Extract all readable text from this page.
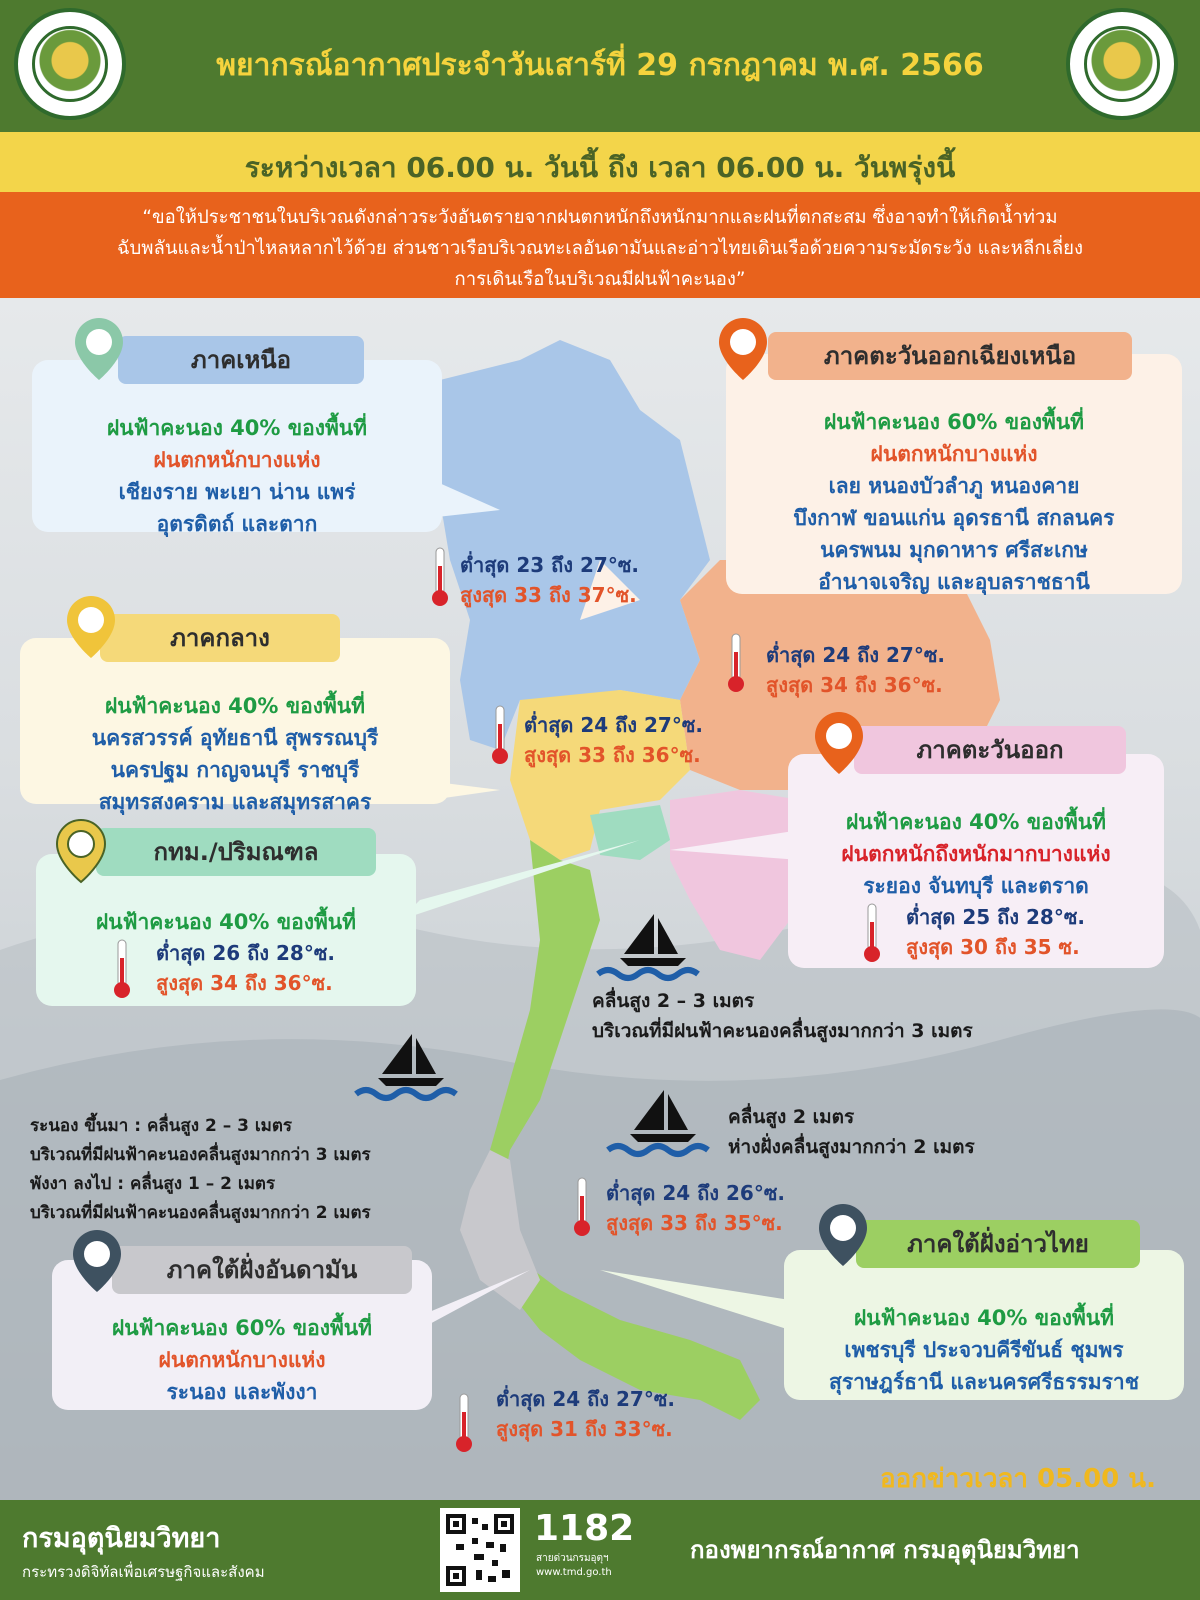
พยากรณ์อากาศประจำวันเสาร์ที่ 29 กรกฎาคม พ.ศ. 2566
ระหว่างเวลา 06.00 น. วันนี้ ถึง เวลา 06.00 น. วันพรุ่งนี้
“ขอให้ประชาชนในบริเวณดังกล่าวระวังอันตรายจากฝนตกหนักถึงหนักมากและฝนที่ตกสะสม ซึ่งอาจทำให้เกิดน้ำท่วม
ฉับพลันและน้ำป่าไหลหลากไว้ด้วย ส่วนชาวเรือบริเวณทะเลอันดามันและอ่าวไทยเดินเรือด้วยความระมัดระวัง และหลีกเลี่ยง
การเดินเรือในบริเวณมีฝนฟ้าคะนอง”
ฝนฟ้าคะนอง 40% ของพื้นที่
ฝนตกหนักบางแห่ง
เชียงราย พะเยา น่าน แพร่
อุตรดิตถ์ และตาก
ภาคเหนือ
ต่ำสุด 23 ถึง 27°ซ.
สูงสุด 33 ถึง 37°ซ.
ฝนฟ้าคะนอง 60% ของพื้นที่
ฝนตกหนักบางแห่ง
เลย หนองบัวลำภู หนองคาย
บึงกาฬ ขอนแก่น อุดรธานี สกลนคร
นครพนม มุกดาหาร ศรีสะเกษ
อำนาจเจริญ และอุบลราชธานี
ภาคตะวันออกเฉียงเหนือ
ต่ำสุด 24 ถึง 27°ซ.
สูงสุด 34 ถึง 36°ซ.
ฝนฟ้าคะนอง 40% ของพื้นที่
นครสวรรค์ อุทัยธานี สุพรรณบุรี
นครปฐม กาญจนบุรี ราชบุรี
สมุทรสงคราม และสมุทรสาคร
ภาคกลาง
ต่ำสุด 24 ถึง 27°ซ.
สูงสุด 33 ถึง 36°ซ.
ฝนฟ้าคะนอง 40% ของพื้นที่
ฝนตกหนักถึงหนักมากบางแห่ง
ระยอง จันทบุรี และตราด
ภาคตะวันออก
ต่ำสุด 25 ถึง 28°ซ.
สูงสุด 30 ถึง 35 ซ.
ฝนฟ้าคะนอง 40% ของพื้นที่
กทม./ปริมณฑล
ต่ำสุด 26 ถึง 28°ซ.
สูงสุด 34 ถึง 36°ซ.
คลื่นสูง 2 – 3 เมตร
บริเวณที่มีฝนฟ้าคะนองคลื่นสูงมากกว่า 3 เมตร
ระนอง ขึ้นมา : คลื่นสูง 2 – 3 เมตร
บริเวณที่มีฝนฟ้าคะนองคลื่นสูงมากกว่า 3 เมตร
พังงา ลงไป : คลื่นสูง 1 – 2 เมตร
บริเวณที่มีฝนฟ้าคะนองคลื่นสูงมากกว่า 2 เมตร
คลื่นสูง 2 เมตร
ห่างฝั่งคลื่นสูงมากกว่า 2 เมตร
ต่ำสุด 24 ถึง 26°ซ.
สูงสุด 33 ถึง 35°ซ.
ฝนฟ้าคะนอง 40% ของพื้นที่
เพชรบุรี ประจวบคีรีขันธ์ ชุมพร
สุราษฎร์ธานี และนครศรีธรรมราช
ภาคใต้ฝั่งอ่าวไทย
ฝนฟ้าคะนอง 60% ของพื้นที่
ฝนตกหนักบางแห่ง
ระนอง และพังงา
ภาคใต้ฝั่งอันดามัน
ต่ำสุด 24 ถึง 27°ซ.
สูงสุด 31 ถึง 33°ซ.
ออกข่าวเวลา 05.00 น.
กรมอุตุนิยมวิทยา
กระทรวงดิจิทัลเพื่อเศรษฐกิจและสังคม
1182
สายด่วนกรมอุตุฯ
www.tmd.go.th
กองพยากรณ์อากาศ กรมอุตุนิยมวิทยา
